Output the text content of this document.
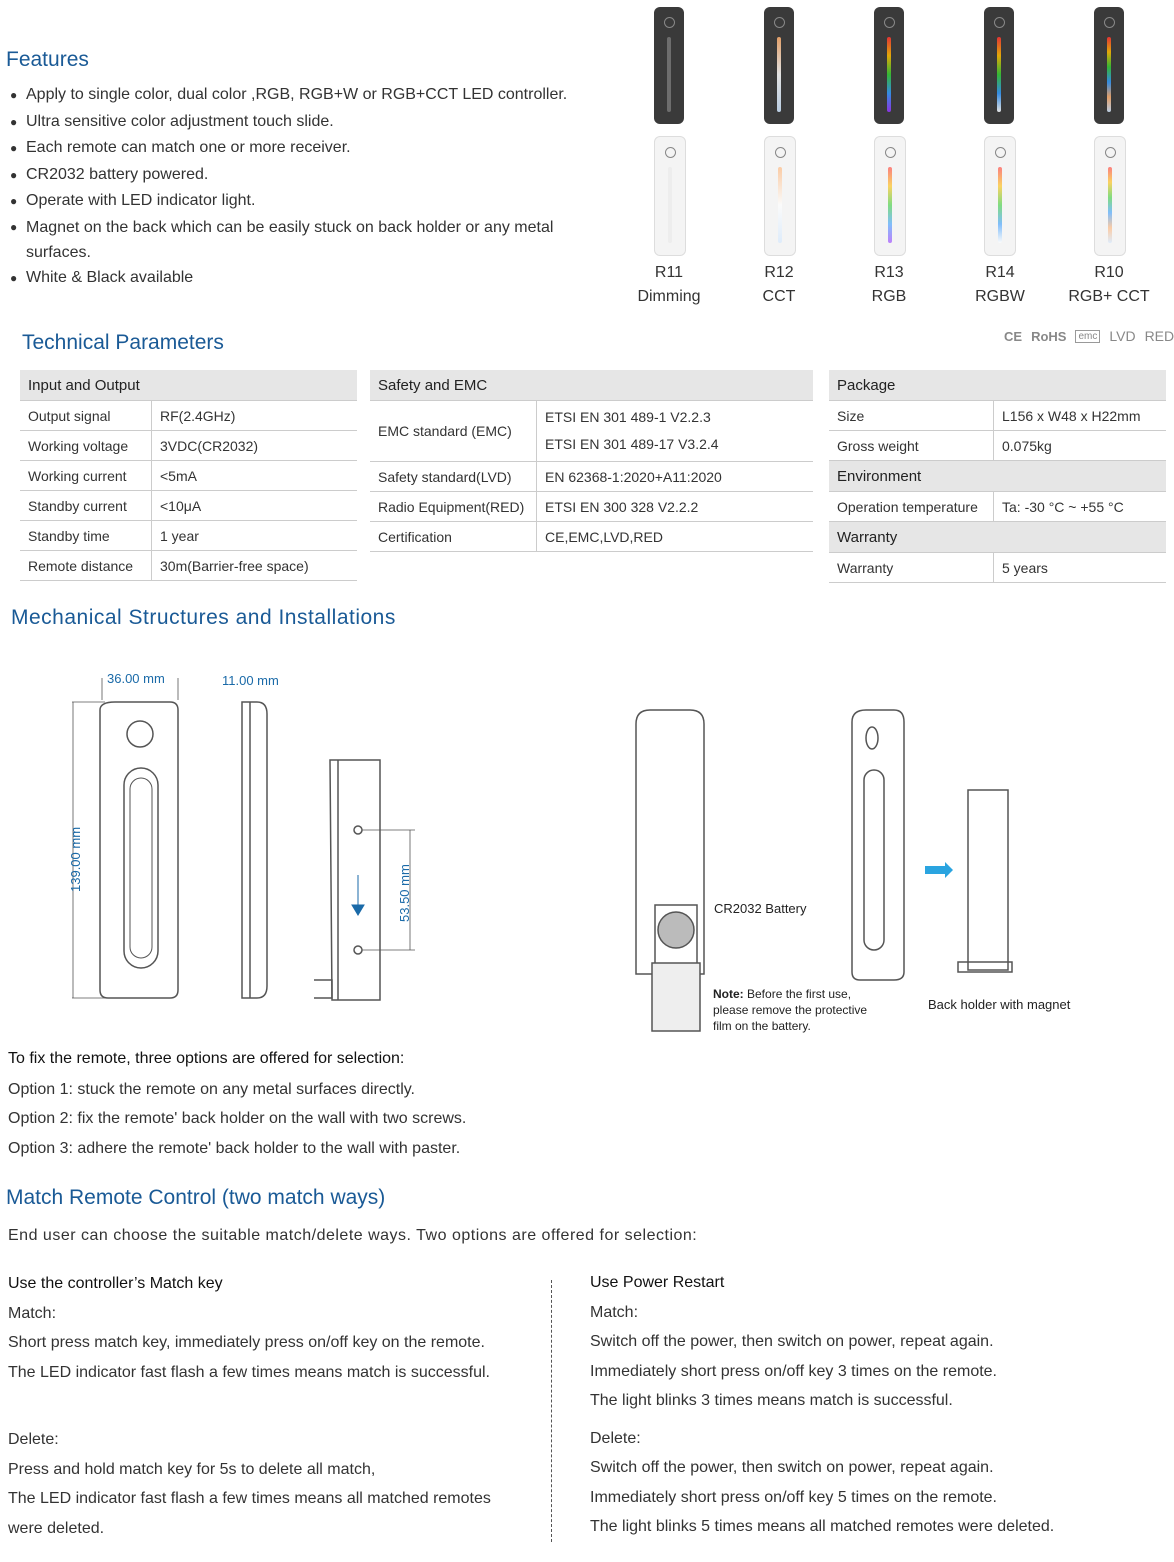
Features
● Apply to single color, dual color ,RGB, RGB+W or RGB+CCT LED controller.
● Ultra sensitive color adjustment touch slide.
● Each remote can match one or more receiver.
● CR2032 battery powered.
● Operate with LED indicator light.
● Magnet on the back which can be easily stuck on back holder or any metal surfaces.
● White & Black available	R11
Dimming
R12
CCT
R13
RGB
R14
RGBW
R10
RGB+ CCT
Technical Parameters	CE RoHS	emc LVD RED
Input and Output	
Output signal	RF(2.4GHz)
Working voltage	3VDC(CR2032)
Working current	<5mA
Standby current	<10μA
Standby time	1 year
Remote distance	30m(Barrier-free space)
Safety and EMC	
EMC standard (EMC)	ETSI EN 301 489-1 V2.2.3
ETSI EN 301 489-17 V3.2.4

Safety standard(LVD)	EN 62368-1:2020+A11:2020
Radio Equipment(RED)	ETSI EN 300 328 V2.2.2
Certification	CE,EMC,LVD,RED
Package	
Size	L156 x W48 x H22mm
Gross weight	0.075kg
Environment	
Operation temperature	Ta: -30 °C ~ +55 °C
Warranty	
Warranty	5 years
Mechanical Structures and Installations
36.00 mm
139.00 mm
11.00 mm
53.50 mm	CR2032 Battery
Note: Before the first use,
please remove the protective
film on the battery.
Back holder with magnet
To fix the remote, three options are offered for selection:
Option 1: stuck the remote on any metal surfaces directly.
Option 2: fix the remote' back holder on the wall with two screws.
Option 3: adhere the remote' back holder to the wall with paster.
Match Remote Control (two match ways)
End user can choose the suitable match/delete ways. Two options are offered for selection:
Use the controller’s Match key
Match:
Short press match key, immediately press on/off key on the remote.
The LED indicator fast flash a few times means match is successful.
Delete:
Press and hold match key for 5s to delete all match,
The LED indicator fast flash a few times means all matched remotes
were deleted.
Use Power Restart
Match:
Switch off the power, then switch on power, repeat again.
Immediately short press on/off key 3 times on the remote.
The light blinks 3 times means match is successful.
Delete:
Switch off the power, then switch on power, repeat again.
Immediately short press on/off key 5 times on the remote.
The light blinks 5 times means all matched remotes were deleted.
